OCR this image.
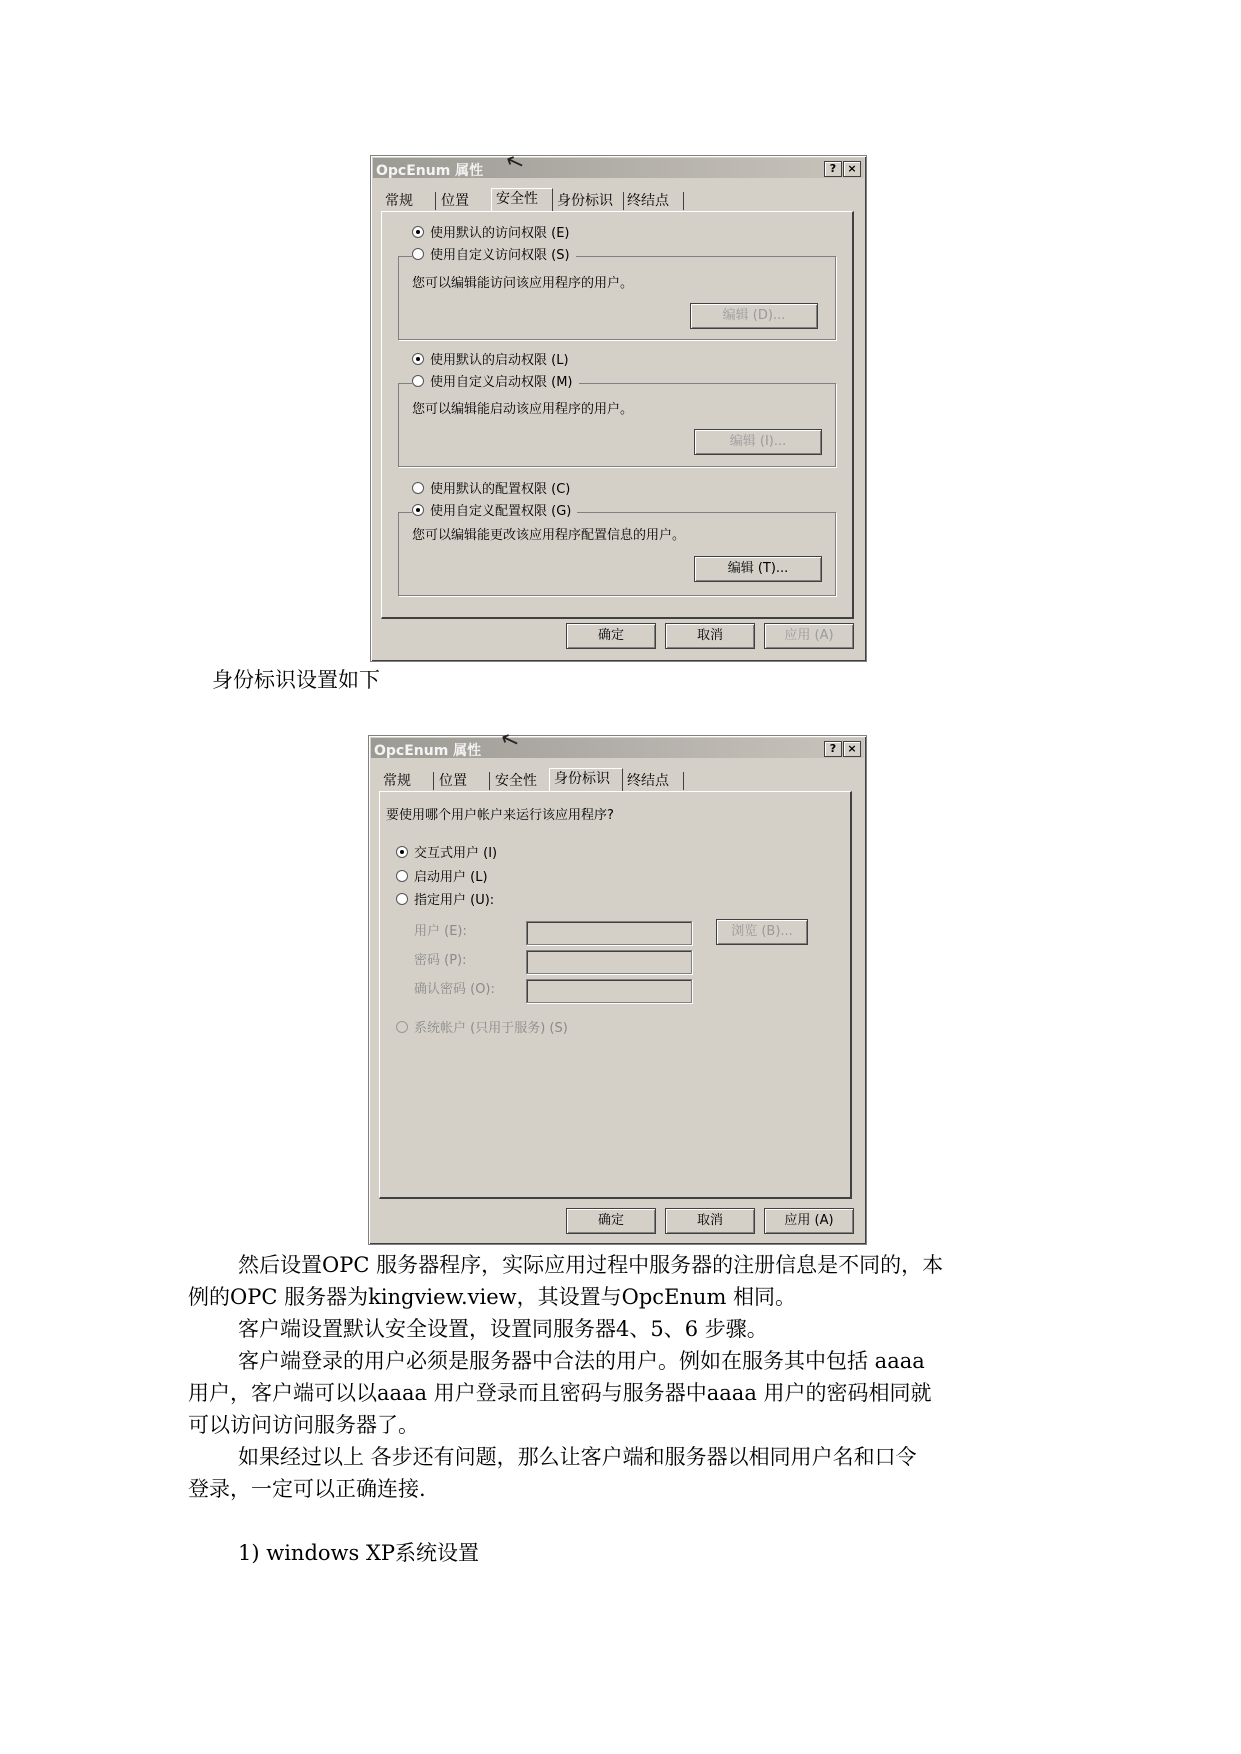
OpcEnum 属性	?	×
↖
常规	位置	安全性	身份标识	终结点
使用默认的访问权限 (E)
使用自定义访问权限 (S)
您可以编辑能访问该应用程序的用户。
编辑 (D)...
使用默认的启动权限 (L)
使用自定义启动权限 (M)
您可以编辑能启动该应用程序的用户。
编辑 (I)...
使用默认的配置权限 (C)
使用自定义配置权限 (G)
您可以编辑能更改该应用程序配置信息的用户。
编辑 (T)...
确定	取消	应用 (A)
身份标识设置如下
OpcEnum 属性	?	×
↖
常规	位置	安全性	身份标识	终结点
要使用哪个用户帐户来运行该应用程序?
交互式用户 (I)
启动用户 (L)
指定用户 (U):
用户 (E):	浏览 (B)...
密码 (P):
确认密码 (O):
系统帐户 (只用于服务) (S)
确定	取消	应用 (A)
然后设置OPC 服务器程序，实际应用过程中服务器的注册信息是不同的，本
例的OPC 服务器为kingview.view，其设置与OpcEnum 相同。
客户端设置默认安全设置，设置同服务器4、5、6 步骤。
客户端登录的用户必须是服务器中合法的用户。例如在服务其中包括 aaaa
用户，客户端可以以aaaa 用户登录而且密码与服务器中aaaa 用户的密码相同就
可以访问访问服务器了。
如果经过以上 各步还有问题，那么让客户端和服务器以相同用户名和口令
登录，一定可以正确连接.
1) windows XP系统设置
